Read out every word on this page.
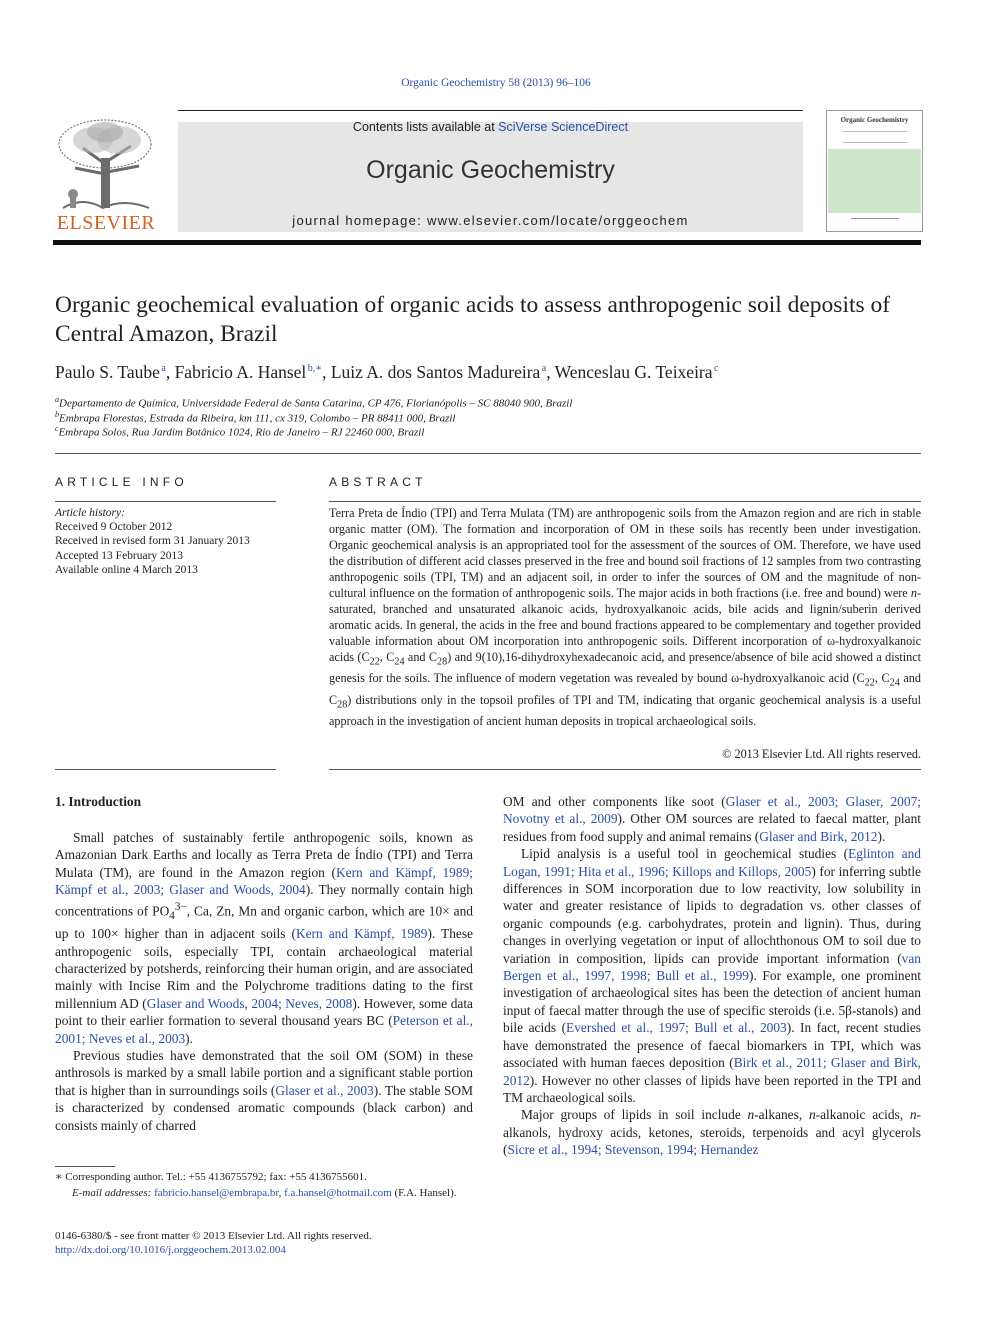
Organic Geochemistry 58 (2013) 96–106
ELSEVIER
Contents lists available at SciVerse ScienceDirect
Organic Geochemistry
journal homepage: www.elsevier.com/locate/orggeochem
Organic Geochemistry
Organic geochemical evaluation of organic acids to assess anthropogenic soil deposits of Central Amazon, Brazil
Paulo S. Taube $^a$, Fabricio A. Hansel $^{b,∗}$, Luiz A. dos Santos Madureira $^a$, Wenceslau G. Teixeira $^c$
$^a$Departamento de Química, Universidade Federal de Santa Catarina, CP 476, Florianópolis – SC 88040 900, Brazil
$^b$Embrapa Florestas, Estrada da Ribeira, km 111, cx 319, Colombo – PR 88411 000, Brazil
$^c$Embrapa Solos, Rua Jardim Botânico 1024, Rio de Janeiro – RJ 22460 000, Brazil
ARTICLE INFO
Article history:
Received 9 October 2012
Received in revised form 31 January 2013
Accepted 13 February 2013
Available online 4 March 2013
ABSTRACT
Terra Preta de Índio (TPI) and Terra Mulata (TM) are anthropogenic soils from the Amazon region and are rich in stable organic matter (OM). The formation and incorporation of OM in these soils has recently been under investigation. Organic geochemical analysis is an appropriated tool for the assessment of the sources of OM. Therefore, we have used the distribution of different acid classes preserved in the free and bound soil fractions of 12 samples from two contrasting anthropogenic soils (TPI, TM) and an adjacent soil, in order to infer the sources of OM and the magnitude of non-cultural influence on the formation of anthropogenic soils. The major acids in both fractions (i.e. free and bound) were n-saturated, branched and unsaturated alkanoic acids, hydroxyalkanoic acids, bile acids and lignin/suberin derived aromatic acids. In general, the acids in the free and bound fractions appeared to be complementary and together provided valuable information about OM incorporation into anthropogenic soils. Different incorporation of ω-hydroxyalkanoic acids ($C_{22}$, $C_{24}$ and $C_{28}$) and 9(10),16-dihydroxyhexadecanoic acid, and presence/absence of bile acid showed a distinct genesis for the soils. The influence of modern vegetation was revealed by bound ω-hydroxyalkanoic acid ($C_{22}$, $C_{24}$ and $C_{28}$) distributions only in the topsoil profiles of TPI and TM, indicating that organic geochemical analysis is a useful approach in the investigation of ancient human deposits in tropical archaeological soils.
© 2013 Elsevier Ltd. All rights reserved.
1. Introduction

Small patches of sustainably fertile anthropogenic soils, known as Amazonian Dark Earths and locally as Terra Preta de Índio (TPI) and Terra Mulata (TM), are found in the Amazon region (Kern and Kämpf, 1989; Kämpf et al., 2003; Glaser and Woods, 2004). They normally contain high concentrations of $PO_4^{3-}$, Ca, Zn, Mn and organic carbon, which are 10× and up to 100× higher than in adjacent soils (Kern and Kämpf, 1989). These anthropogenic soils, especially TPI, contain archaeological material characterized by potsherds, reinforcing their human origin, and are associated mainly with Incise Rim and the Polychrome traditions dating to the first millennium AD (Glaser and Woods, 2004; Neves, 2008). However, some data point to their earlier formation to several thousand years BC (Peterson et al., 2001; Neves et al., 2003).

Previous studies have demonstrated that the soil OM (SOM) in these anthrosols is marked by a small labile portion and a significant stable portion that is higher than in surroundings soils (Glaser et al., 2003). The stable SOM is characterized by condensed aromatic compounds (black carbon) and consists mainly of charred

OM and other components like soot (Glaser et al., 2003; Glaser, 2007; Novotny et al., 2009). Other OM sources are related to faecal matter, plant residues from food supply and animal remains (Glaser and Birk, 2012).

Lipid analysis is a useful tool in geochemical studies (Eglinton and Logan, 1991; Hita et al., 1996; Killops and Killops, 2005) for inferring subtle differences in SOM incorporation due to low reactivity, low solubility in water and greater resistance of lipids to degradation vs. other classes of organic compounds (e.g. carbohydrates, protein and lignin). Thus, during changes in overlying vegetation or input of allochthonous OM to soil due to variation in composition, lipids can provide important information (van Bergen et al., 1997, 1998; Bull et al., 1999). For example, one prominent investigation of archaeological sites has been the detection of ancient human input of faecal matter through the use of specific steroids (i.e. 5β-stanols) and bile acids (Evershed et al., 1997; Bull et al., 2003). In fact, recent studies have demonstrated the presence of faecal biomarkers in TPI, which was associated with human faeces deposition (Birk et al., 2011; Glaser and Birk, 2012). However no other classes of lipids have been reported in the TPI and TM archaeological soils.

Major groups of lipids in soil include n-alkanes, n-alkanoic acids, n-alkanols, hydroxy acids, ketones, steroids, terpenoids and acyl glycerols (Sicre et al., 1994; Stevenson, 1994; Hernandez

∗ Corresponding author. Tel.: +55 4136755792; fax: +55 4136755601.
E-mail addresses: fabricio.hansel@embrapa.br, f.a.hansel@hotmail.com (F.A. Hansel).
0146-6380/$ - see front matter © 2013 Elsevier Ltd. All rights reserved.
http://dx.doi.org/10.1016/j.orggeochem.2013.02.004
